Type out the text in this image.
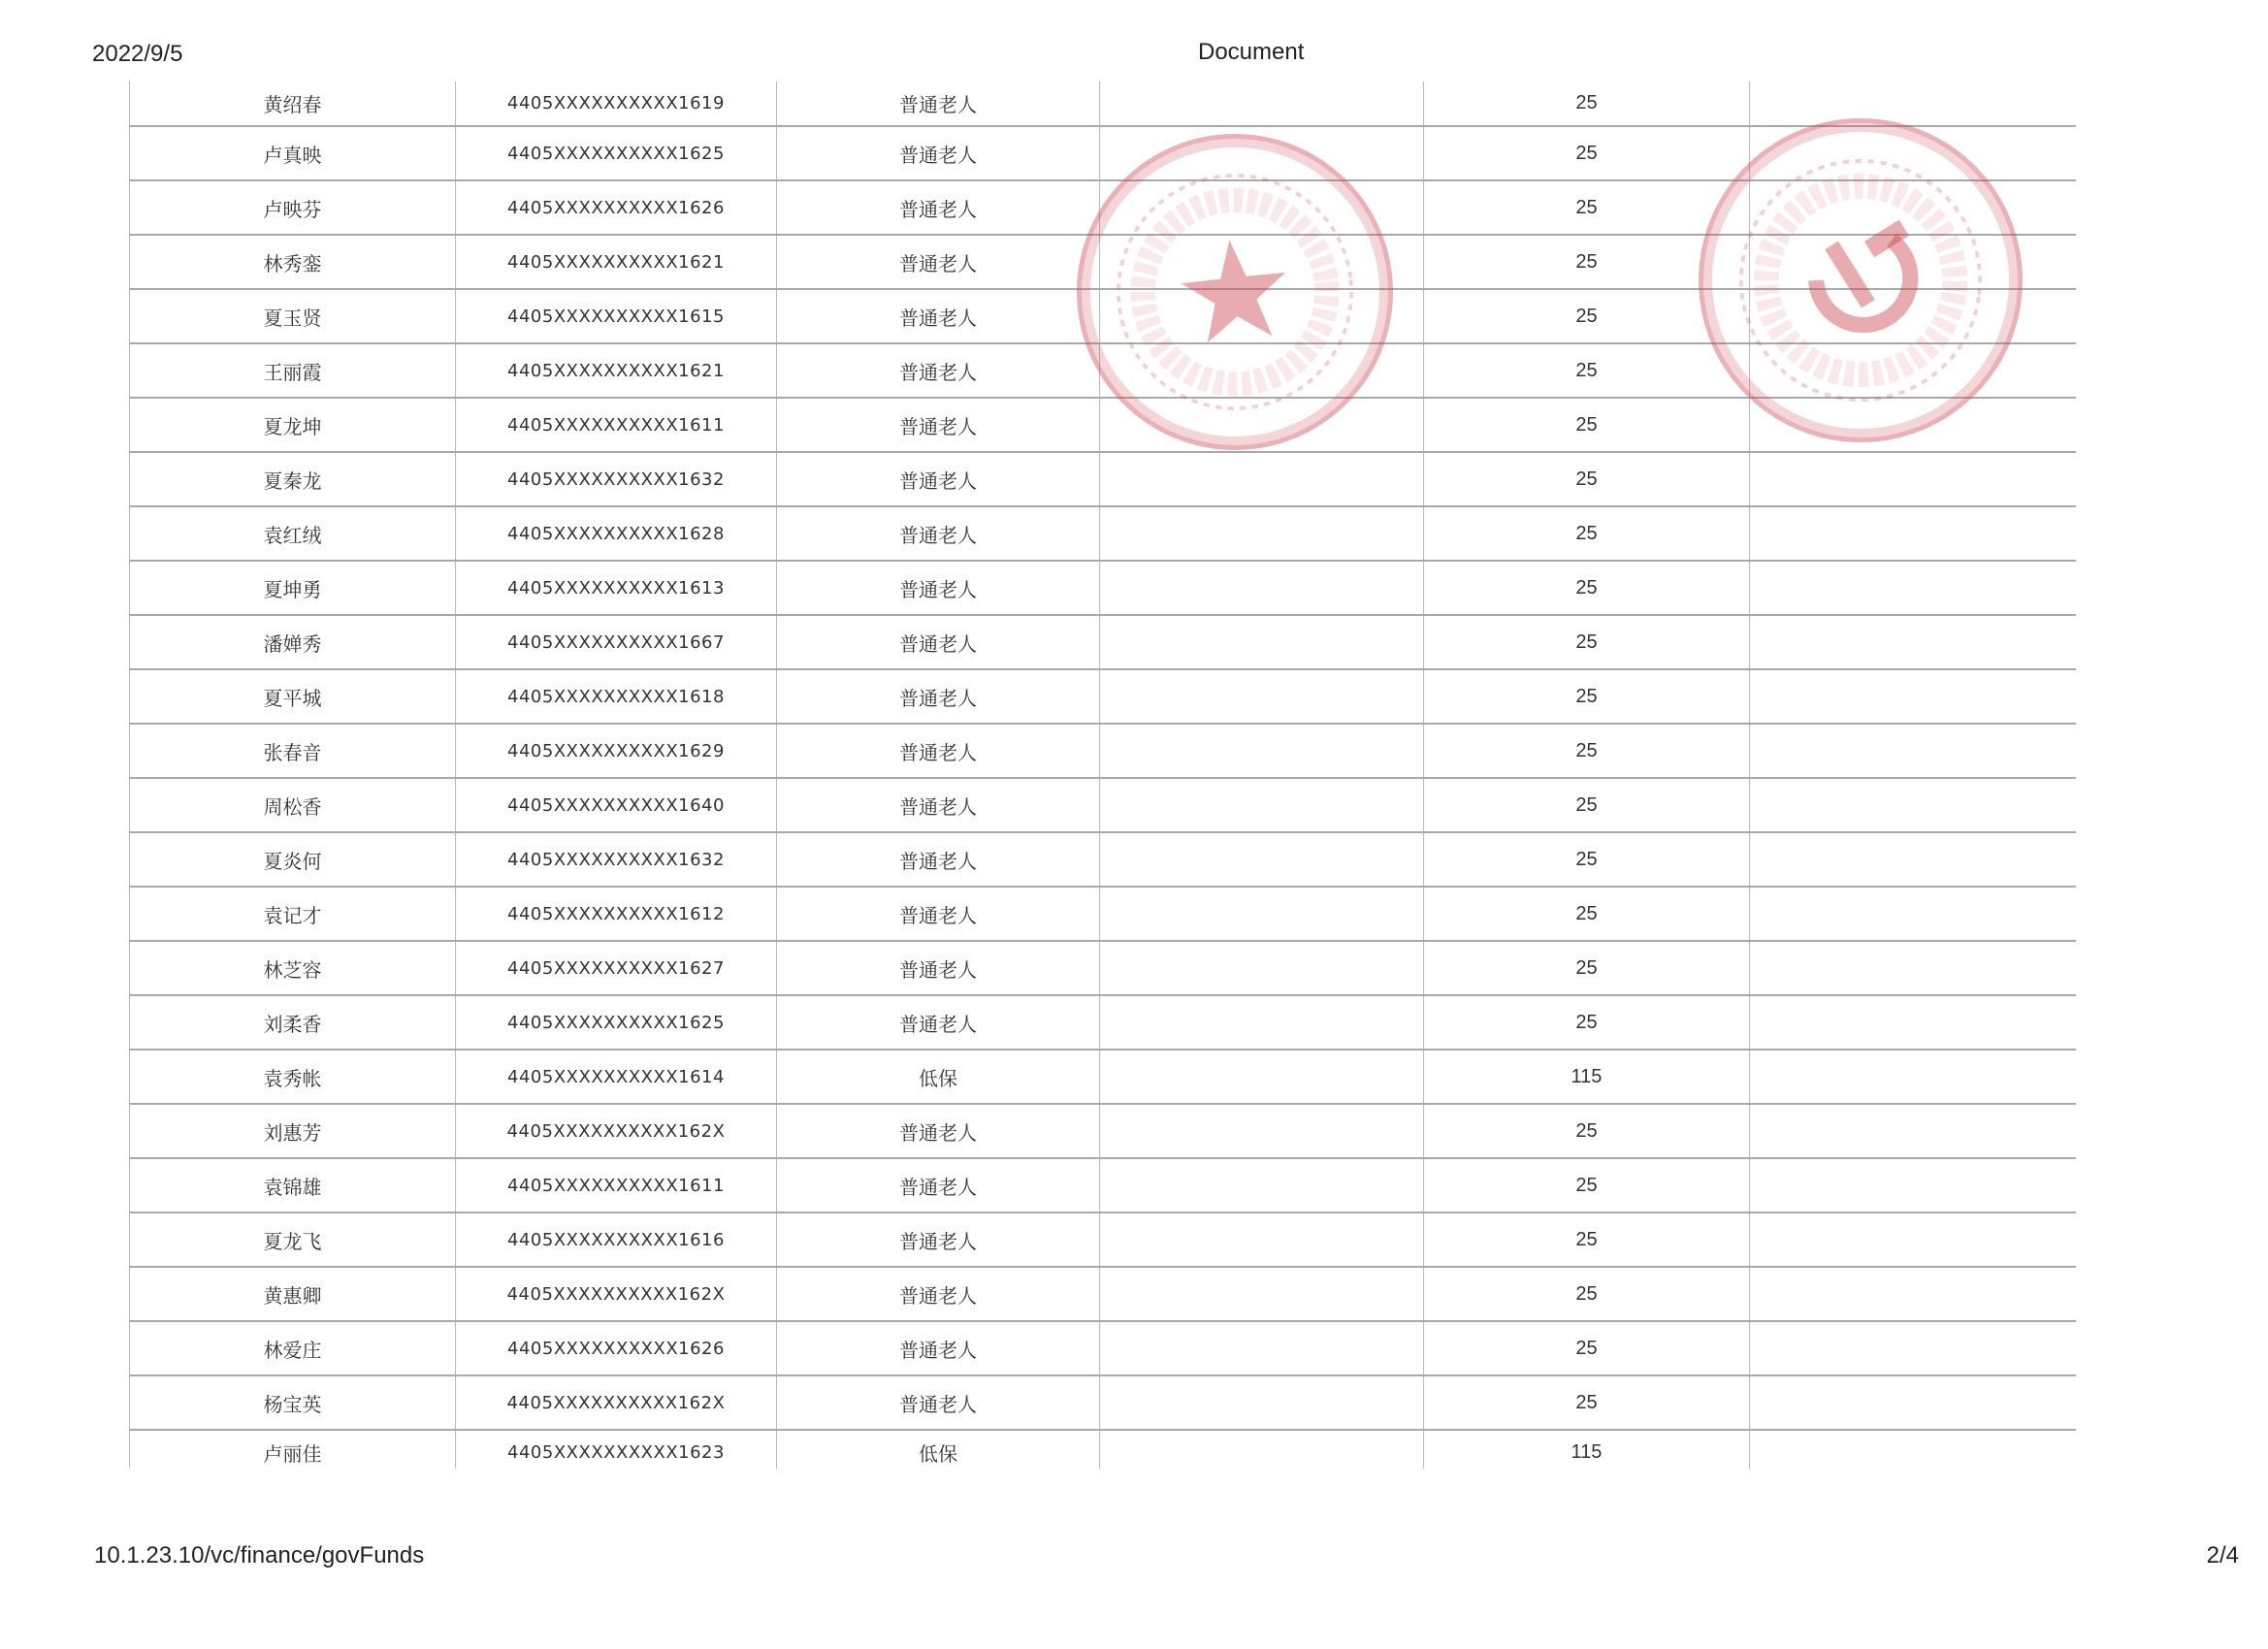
2022/9/5	Document
黄绍春	4405XXXXXXXXXX1619	普通老人		25	
卢真映	4405XXXXXXXXXX1625	普通老人		25	
卢映芬	4405XXXXXXXXXX1626	普通老人		25	
林秀銮	4405XXXXXXXXXX1621	普通老人		25	
夏玉贤	4405XXXXXXXXXX1615	普通老人		25	
王丽霞	4405XXXXXXXXXX1621	普通老人		25	
夏龙坤	4405XXXXXXXXXX1611	普通老人		25	
夏秦龙	4405XXXXXXXXXX1632	普通老人		25	
袁红绒	4405XXXXXXXXXX1628	普通老人		25	
夏坤勇	4405XXXXXXXXXX1613	普通老人		25	
潘婵秀	4405XXXXXXXXXX1667	普通老人		25	
夏平城	4405XXXXXXXXXX1618	普通老人		25	
张春音	4405XXXXXXXXXX1629	普通老人		25	
周松香	4405XXXXXXXXXX1640	普通老人		25	
夏炎何	4405XXXXXXXXXX1632	普通老人		25	
袁记才	4405XXXXXXXXXX1612	普通老人		25	
林芝容	4405XXXXXXXXXX1627	普通老人		25	
刘柔香	4405XXXXXXXXXX1625	普通老人		25	
袁秀帐	4405XXXXXXXXXX1614	低保		115	
刘惠芳	4405XXXXXXXXXX162X	普通老人		25	
袁锦雄	4405XXXXXXXXXX1611	普通老人		25	
夏龙飞	4405XXXXXXXXXX1616	普通老人		25	
黄惠卿	4405XXXXXXXXXX162X	普通老人		25	
林爱庄	4405XXXXXXXXXX1626	普通老人		25	
杨宝英	4405XXXXXXXXXX162X	普通老人		25	
卢丽佳	4405XXXXXXXXXX1623	低保		115	
10.1.23.10/vc/finance/govFunds	2/4
